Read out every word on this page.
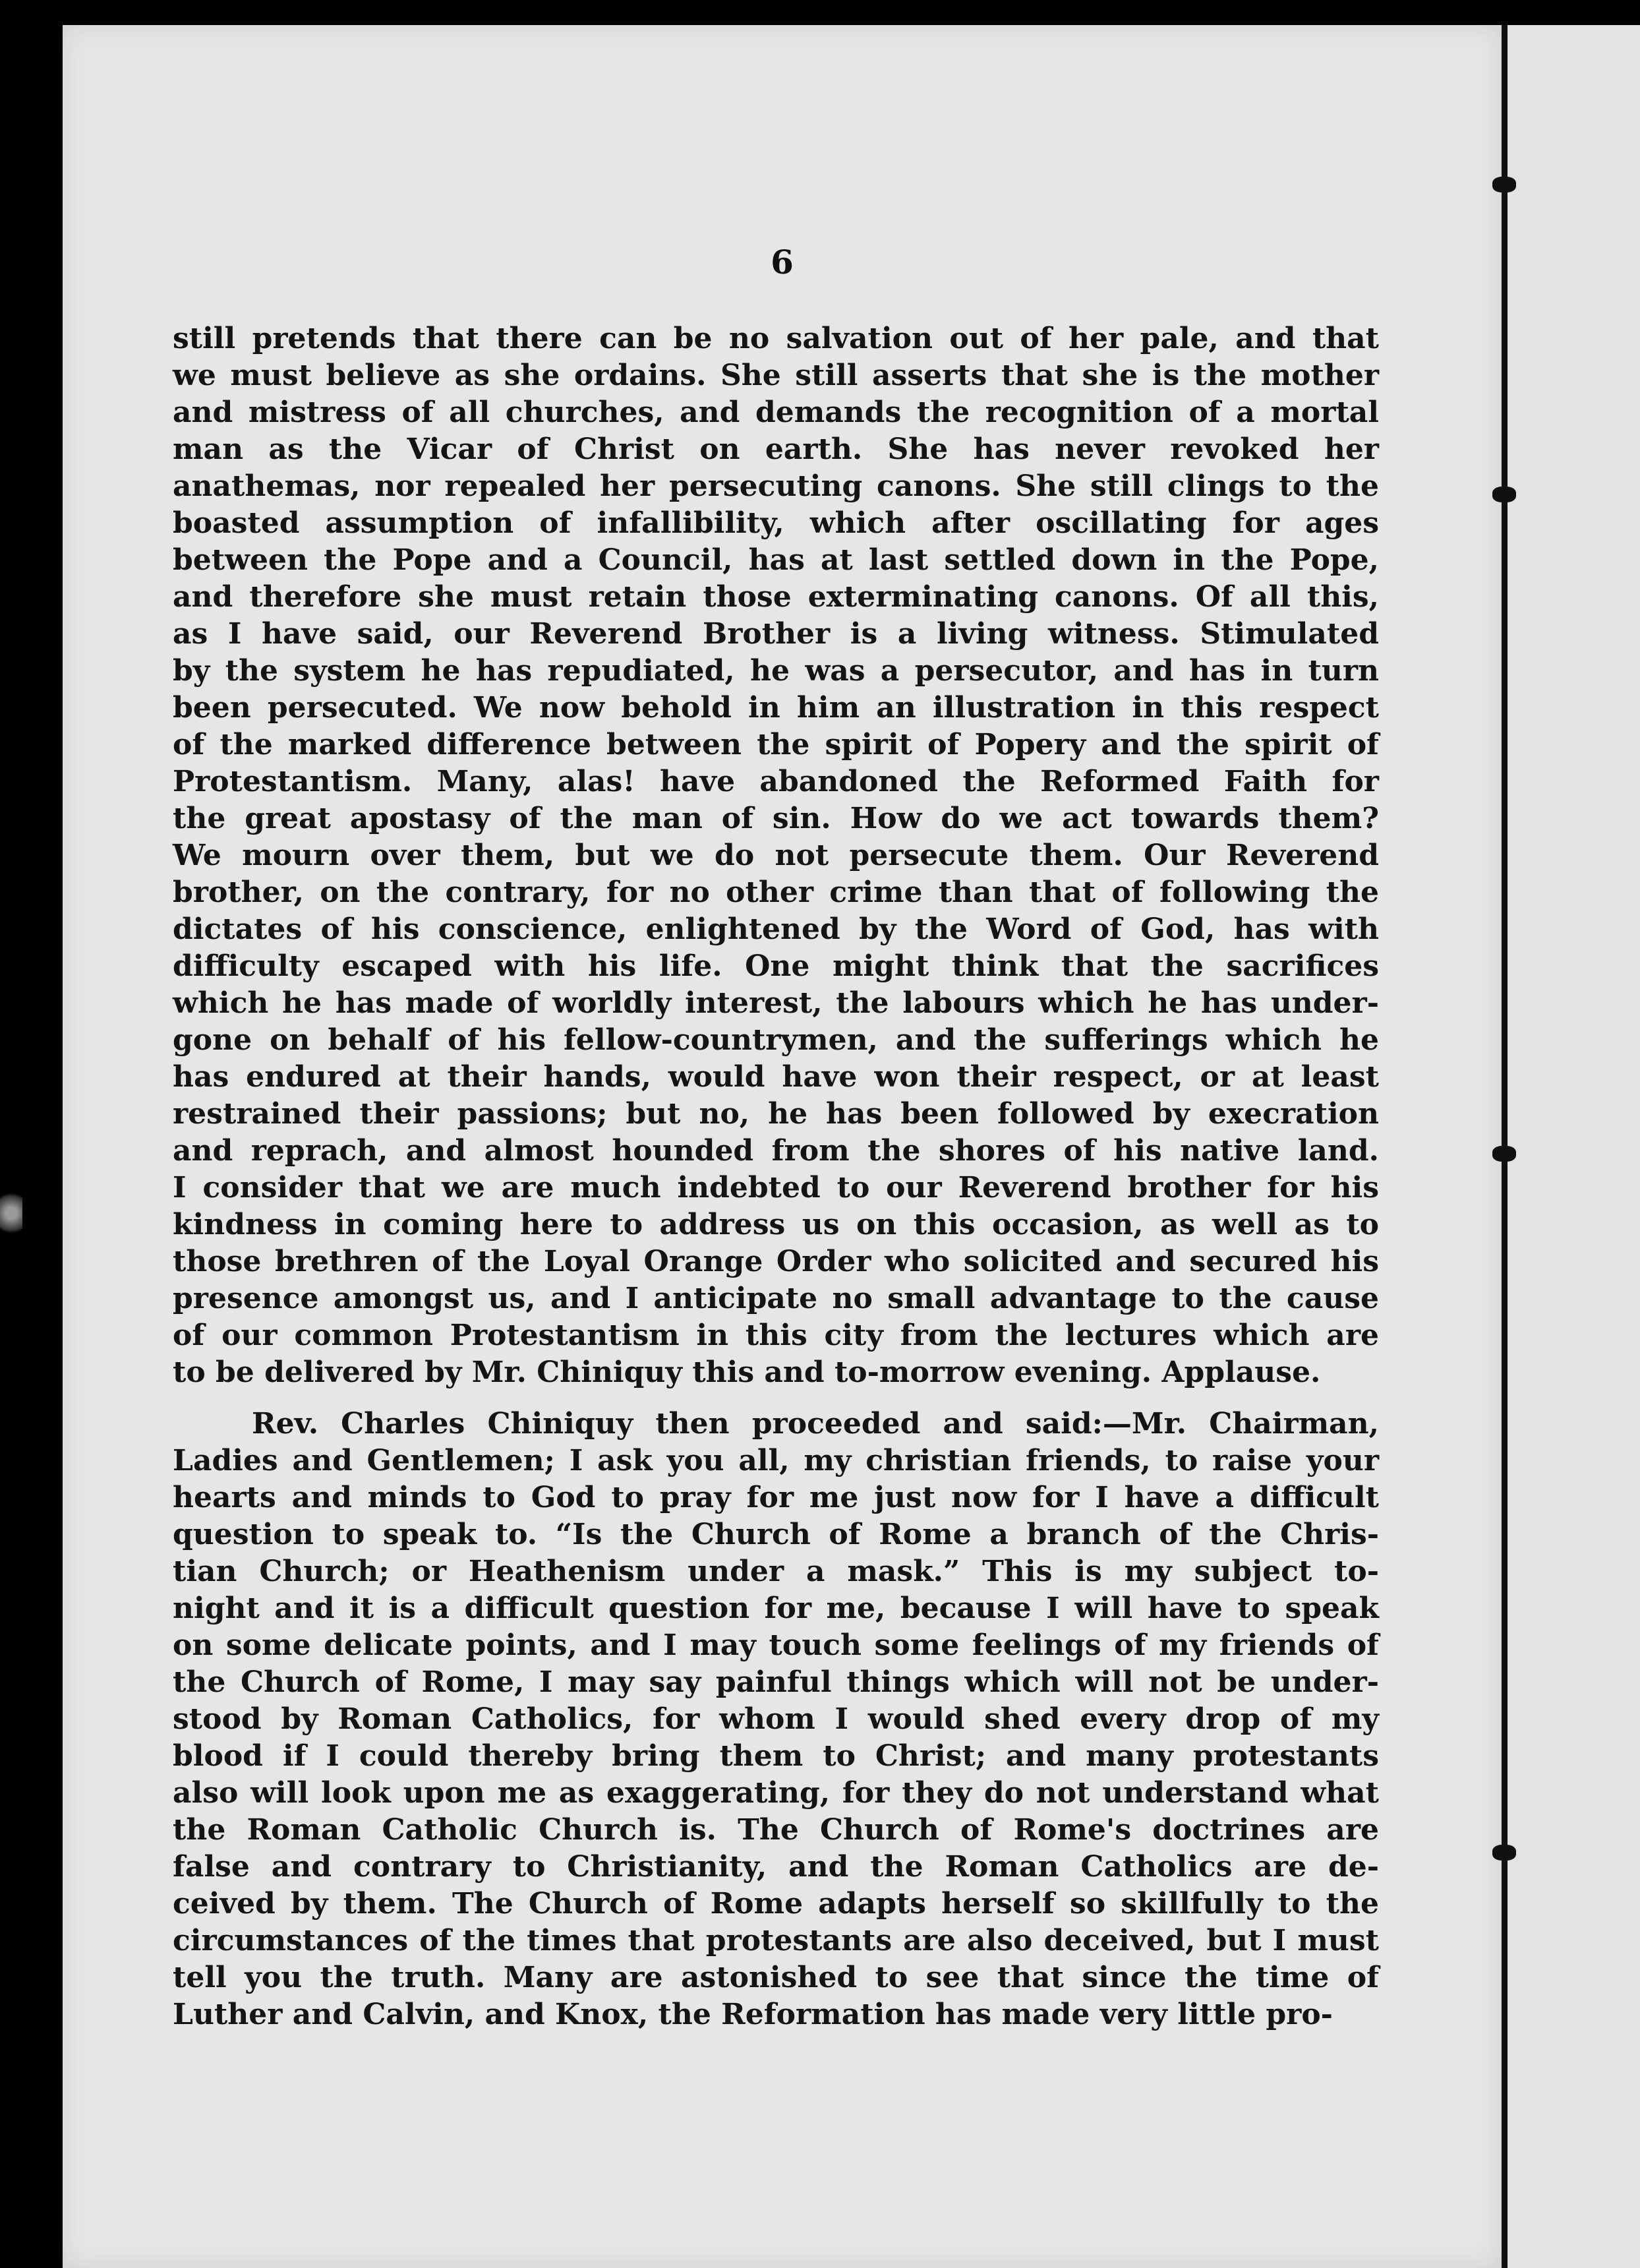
6
still pretends that there can be no salvation out of her pale, and that
we must believe as she ordains. She still asserts that she is the mother
and mistress of all churches, and demands the recognition of a mortal
man as the Vicar of Christ on earth. She has never revoked her
anathemas, nor repealed her persecuting canons. She still clings to the
boasted assumption of infallibility, which after oscillating for ages
between the Pope and a Council, has at last settled down in the Pope,
and therefore she must retain those exterminating canons. Of all this,
as I have said, our Reverend Brother is a living witness. Stimulated
by the system he has repudiated, he was a persecutor, and has in turn
been persecuted. We now behold in him an illustration in this respect
of the marked difference between the spirit of Popery and the spirit of
Protestantism. Many, alas! have abandoned the Reformed Faith for
the great apostasy of the man of sin. How do we act towards them?
We mourn over them, but we do not persecute them. Our Reverend
brother, on the contrary, for no other crime than that of following the
dictates of his conscience, enlightened by the Word of God, has with
difficulty escaped with his life. One might think that the sacrifices
which he has made of worldly interest, the labours which he has under-
gone on behalf of his fellow-countrymen, and the sufferings which he
has endured at their hands, would have won their respect, or at least
restrained their passions; but no, he has been followed by execration
and reprach, and almost hounded from the shores of his native land.
I consider that we are much indebted to our Reverend brother for his
kindness in coming here to address us on this occasion, as well as to
those brethren of the Loyal Orange Order who solicited and secured his
presence amongst us, and I anticipate no small advantage to the cause
of our common Protestantism in this city from the lectures which are
to be delivered by Mr. Chiniquy this and to-morrow evening. Applause.
Rev. Charles Chiniquy then proceeded and said:—Mr. Chairman,
Ladies and Gentlemen; I ask you all, my christian friends, to raise your
hearts and minds to God to pray for me just now for I have a difficult
question to speak to. “Is the Church of Rome a branch of the Chris-
tian Church; or Heathenism under a mask.” This is my subject to-
night and it is a difficult question for me, because I will have to speak
on some delicate points, and I may touch some feelings of my friends of
the Church of Rome, I may say painful things which will not be under-
stood by Roman Catholics, for whom I would shed every drop of my
blood if I could thereby bring them to Christ; and many protestants
also will look upon me as exaggerating, for they do not understand what
the Roman Catholic Church is. The Church of Rome's doctrines are
false and contrary to Christianity, and the Roman Catholics are de-
ceived by them. The Church of Rome adapts herself so skillfully to the
circumstances of the times that protestants are also deceived, but I must
tell you the truth. Many are astonished to see that since the time of
Luther and Calvin, and Knox, the Reformation has made very little pro-
